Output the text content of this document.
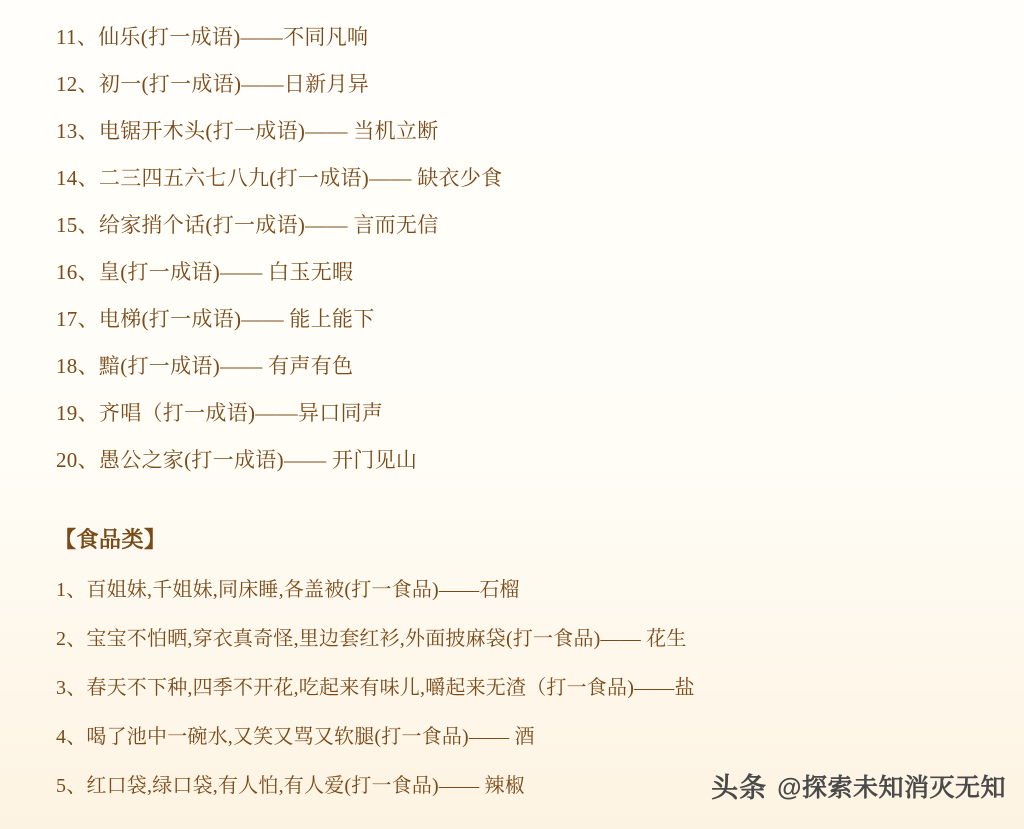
11、仙乐(打一成语)——不同凡响
12、初一(打一成语)——日新月异
13、电锯开木头(打一成语)—— 当机立断
14、二三四五六七八九(打一成语)—— 缺衣少食
15、给家捎个话(打一成语)—— 言而无信
16、皇(打一成语)—— 白玉无暇
17、电梯(打一成语)—— 能上能下
18、黯(打一成语)—— 有声有色
19、齐唱（打一成语)——异口同声
20、愚公之家(打一成语)—— 开门见山
【食品类】
1、百姐妹,千姐妹,同床睡,各盖被(打一食品)——石榴
2、宝宝不怕晒,穿衣真奇怪,里边套红衫,外面披麻袋(打一食品)—— 花生
3、春天不下种,四季不开花,吃起来有味儿,嚼起来无渣（打一食品)——盐
4、喝了池中一碗水,又笑又骂又软腿(打一食品)—— 酒
5、红口袋,绿口袋,有人怕,有人爱(打一食品)—— 辣椒	头条 @探索未知消灭无知
